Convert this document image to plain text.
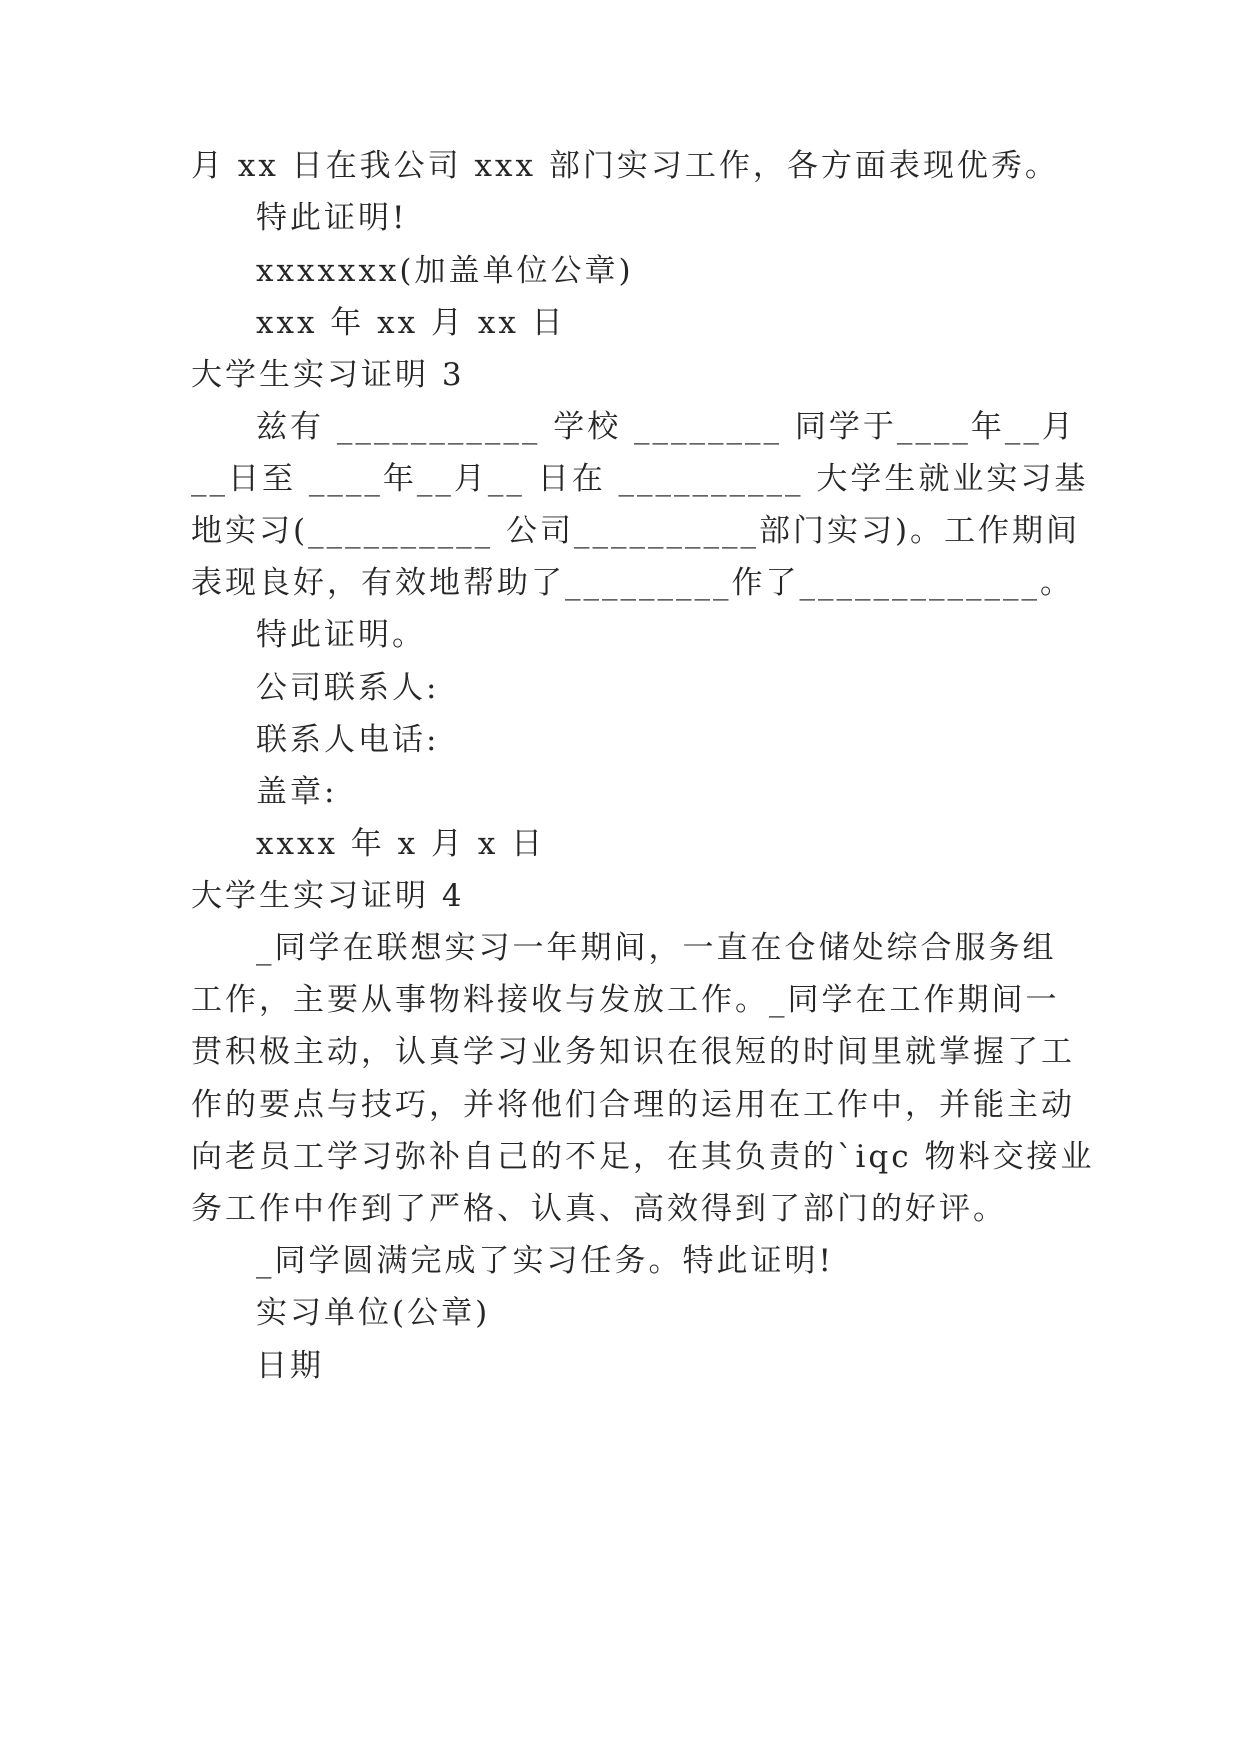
月 xx 日在我公司 xxx 部门实习工作，各方面表现优秀。
特此证明!
xxxxxxx(加盖单位公章)
xxx 年 xx 月 xx 日
大学生实习证明 3
兹有 ___________ 学校 ________ 同学于____年__月
__日至 ____年__月__ 日在 __________ 大学生就业实习基
地实习(__________ 公司__________部门实习)。工作期间
表现良好，有效地帮助了_________作了_____________。
特此证明。
公司联系人:
联系人电话:
盖章:
xxxx 年 x 月 x 日
大学生实习证明 4
_同学在联想实习一年期间，一直在仓储处综合服务组
工作，主要从事物料接收与发放工作。_同学在工作期间一
贯积极主动，认真学习业务知识在很短的时间里就掌握了工
作的要点与技巧，并将他们合理的运用在工作中，并能主动
向老员工学习弥补自己的不足，在其负责的`iqc 物料交接业
务工作中作到了严格、认真、高效得到了部门的好评。
_同学圆满完成了实习任务。特此证明!
实习单位(公章)
日期
